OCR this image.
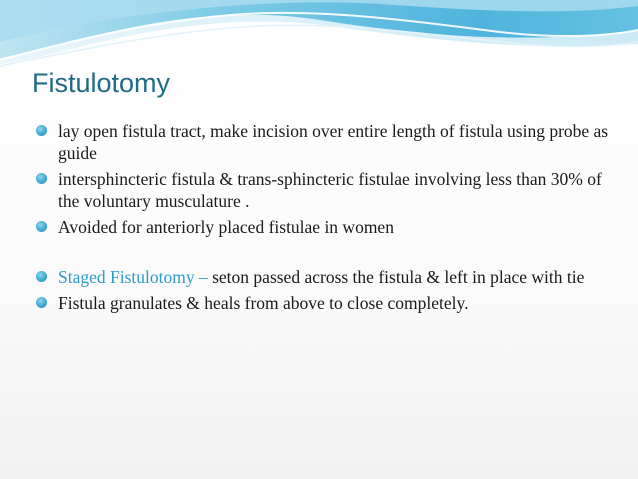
Fistulotomy
lay open fistula tract, make incision over entire length of fistula using probe as guide
intersphincteric fistula & trans-sphincteric fistulae involving less than 30% of the voluntary musculature .
Avoided for anteriorly placed fistulae in women
Staged Fistulotomy – seton passed across the fistula & left in place with tie
Fistula granulates & heals from above to close completely.
